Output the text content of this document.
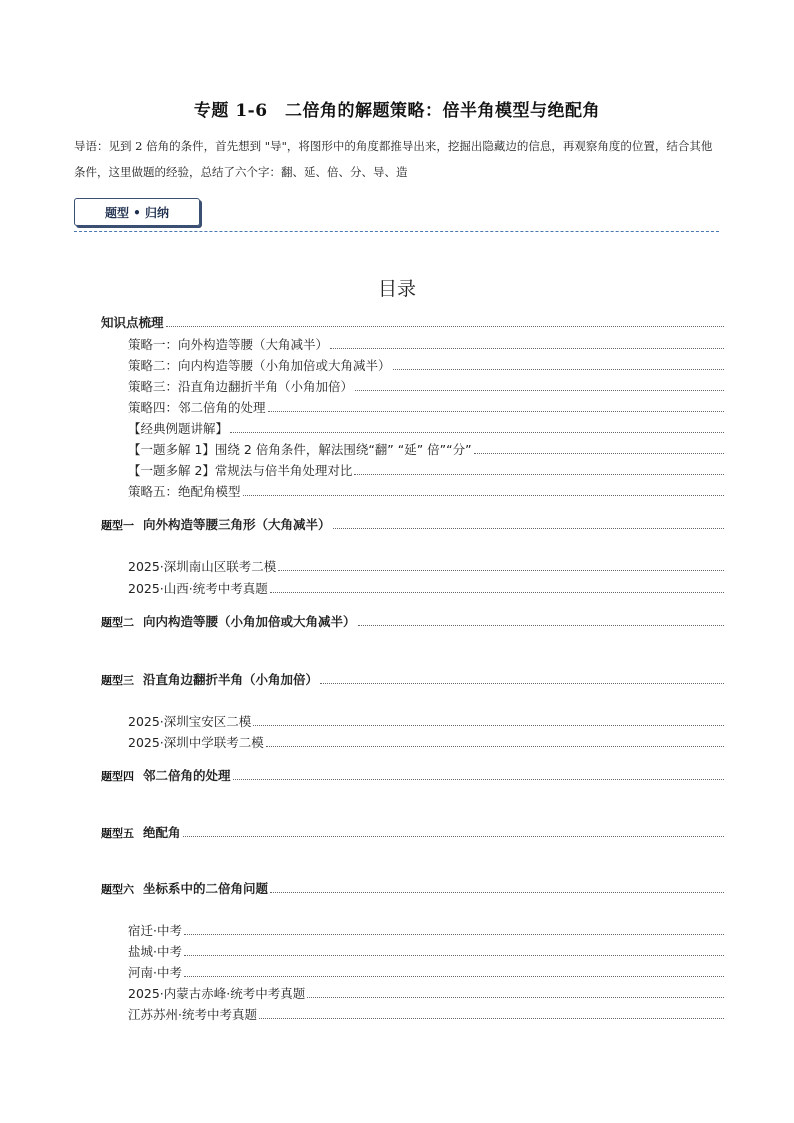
专题 1-6　二倍角的解题策略：倍半角模型与绝配角
导语：见到 2 倍角的条件，首先想到 "导"，将图形中的角度都推导出来，挖掘出隐藏边的信息，再观察角度的位置，结合其他条件，这里做题的经验，总结了六个字：翻、延、倍、分、导、造
题型 • 归纳
目录
知识点梳理
策略一：向外构造等腰（大角减半）
策略二：向内构造等腰（小角加倍或大角减半）
策略三：沿直角边翻折半角（小角加倍）
策略四：邻二倍角的处理
【经典例题讲解】
【一题多解 1】围绕 2 倍角条件，解法围绕“翻” “延” 倍”“分”
【一题多解 2】常规法与倍半角处理对比
策略五：绝配角模型
题型一 向外构造等腰三角形（大角减半）
2025·深圳南山区联考二模
2025·山西·统考中考真题
题型二 向内构造等腰（小角加倍或大角减半）
题型三 沿直角边翻折半角（小角加倍）
2025·深圳宝安区二模
2025·深圳中学联考二模
题型四 邻二倍角的处理
题型五 绝配角
题型六 坐标系中的二倍角问题
宿迁·中考
盐城·中考
河南·中考
2025·内蒙古赤峰·统考中考真题
江苏苏州·统考中考真题
